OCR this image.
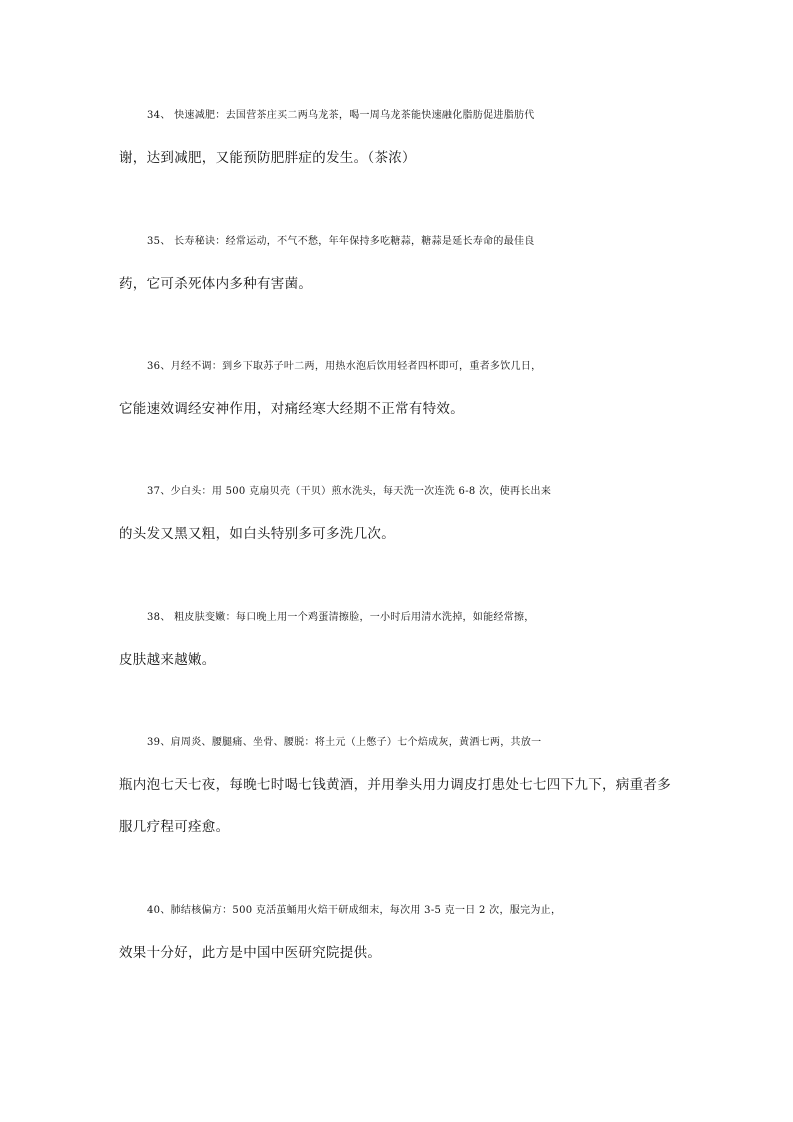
34、 快速减肥：去国营茶庄买二两乌龙茶，喝一周乌龙茶能快速融化脂肪促进脂肪代
谢，达到减肥，又能预防肥胖症的发生。（茶浓）

35、 长寿秘诀：经常运动，不气不愁，年年保持多吃糖蒜，糖蒜是延长寿命的最佳良
药，它可杀死体内多种有害菌。

36、月经不调：到乡下取苏子叶二两，用热水泡后饮用轻者四杯即可，重者多饮几日，
它能速效调经安神作用，对痛经寒大经期不正常有特效。

37、少白头：用 500 克扇贝壳（干贝）煎水洗头，每天洗一次连洗 6-8 次，使再长出来
的头发又黑又粗，如白头特别多可多洗几次。

38、 粗皮肤变嫩：每口晚上用一个鸡蛋清擦脸，一小时后用清水洗掉，如能经常擦，
皮肤越来越嫩。

39、肩周炎、腰腿痛、坐骨、腰脱：将土元（上憋子）七个焙成灰，黄酒七两，共放一
瓶内泡七天七夜，每晚七时喝七钱黄酒，并用拳头用力调皮打患处七七四下九下，病重者多
服几疗程可痊愈。

40、肺结核偏方：500 克活茧蛹用火焙干研成细末，每次用 3-5 克一日 2 次，服完为止，
效果十分好，此方是中国中医研究院提供。
